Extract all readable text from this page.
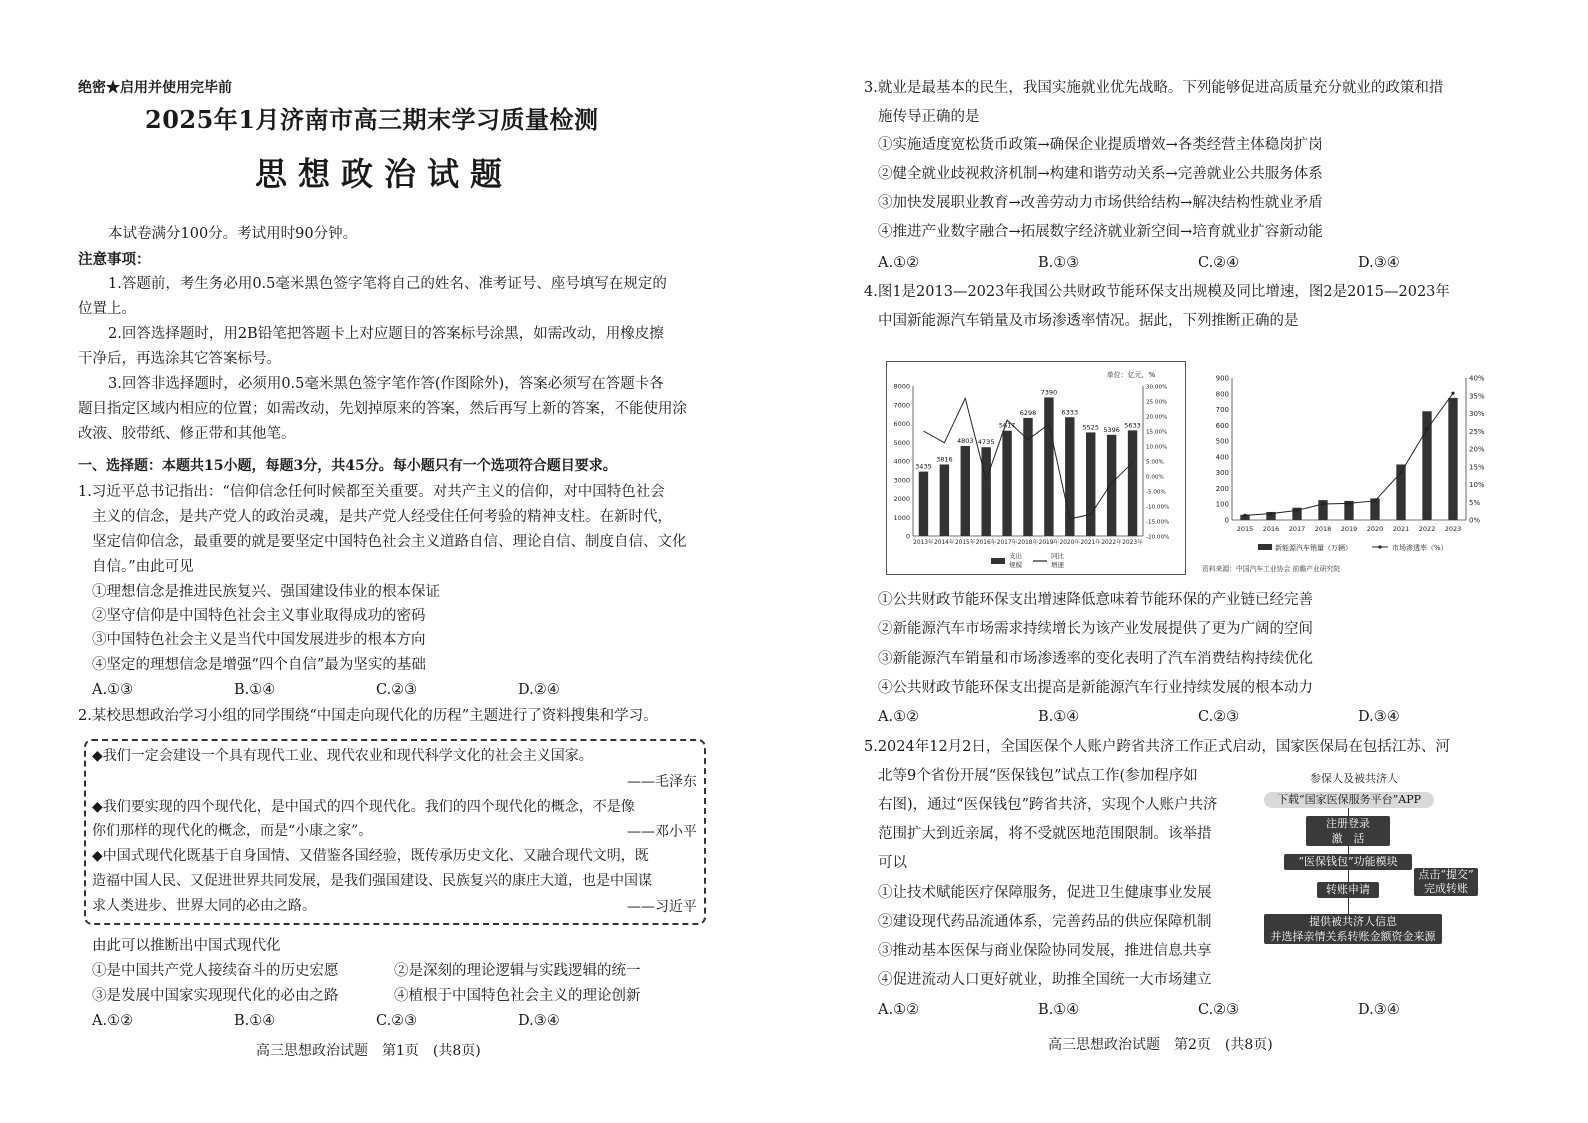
绝密★启用并使用完毕前
2025年1月济南市高三期末学习质量检测
思想政治试题
本试卷满分100分。考试用时90分钟。
注意事项：
1.答题前，考生务必用0.5毫米黑色签字笔将自己的姓名、准考证号、座号填写在规定的
位置上。
2.回答选择题时，用2B铅笔把答题卡上对应题目的答案标号涂黑，如需改动，用橡皮擦
干净后，再选涂其它答案标号。
3.回答非选择题时，必须用0.5毫米黑色签字笔作答(作图除外)，答案必须写在答题卡各
题目指定区域内相应的位置；如需改动，先划掉原来的答案，然后再写上新的答案，不能使用涂
改液、胶带纸、修正带和其他笔。
一、选择题：本题共15小题，每题3分，共45分。每小题只有一个选项符合题目要求。
1.习近平总书记指出：“信仰信念任何时候都至关重要。对共产主义的信仰，对中国特色社会
主义的信念，是共产党人的政治灵魂，是共产党人经受住任何考验的精神支柱。在新时代，
坚定信仰信念，最重要的就是要坚定中国特色社会主义道路自信、理论自信、制度自信、文化
自信。”由此可见
①理想信念是推进民族复兴、强国建设伟业的根本保证
②坚守信仰是中国特色社会主义事业取得成功的密码
③中国特色社会主义是当代中国发展进步的根本方向
④坚定的理想信念是增强“四个自信”最为坚实的基础
A.①③	B.①④	C.②③	D.②④
2.某校思想政治学习小组的同学围绕“中国走向现代化的历程”主题进行了资料搜集和学习。
◆我们一定会建设一个具有现代工业、现代农业和现代科学文化的社会主义国家。
——毛泽东
◆我们要实现的四个现代化，是中国式的四个现代化。我们的四个现代化的概念，不是像
你们那样的现代化的概念，而是“小康之家”。	——邓小平
◆中国式现代化既基于自身国情、又借鉴各国经验，既传承历史文化、又融合现代文明，既
造福中国人民、又促进世界共同发展，是我们强国建设、民族复兴的康庄大道，也是中国谋
求人类进步、世界大同的必由之路。	——习近平
由此可以推断出中国式现代化
①是中国共产党人接续奋斗的历史宏愿	②是深刻的理论逻辑与实践逻辑的统一
③是发展中国家实现现代化的必由之路	④植根于中国特色社会主义的理论创新
A.①②	B.①④	C.②③	D.③④
高三思想政治试题　第1页　(共8页)
3.就业是最基本的民生，我国实施就业优先战略。下列能够促进高质量充分就业的政策和措
施传导正确的是
①实施适度宽松货币政策→确保企业提质增效→各类经营主体稳岗扩岗
②健全就业歧视救济机制→构建和谐劳动关系→完善就业公共服务体系
③加快发展职业教育→改善劳动力市场供给结构→解决结构性就业矛盾
④推进产业数字融合→拓展数字经济就业新空间→培育就业扩容新动能
A.①②	B.①③	C.②④	D.③④
4.图1是2013—2023年我国公共财政节能环保支出规模及同比增速，图2是2015—2023年
中国新能源汽车销量及市场渗透率情况。据此，下列推断正确的是
单位：亿元，%
0
1000
2000
3000
4000
5000
6000
7000
8000
-20.00%
-15.00%
-10.00%
-5.00%
0.00%
5.00%
10.00%
15.00%
20.00%
25.00%
30.00%
3435
2013年
3816
2014年
4803
2015年
4735
2016年
5617
2017年
6298
2018年
7390
2019年
6333
2020年
5525
2021年
5396
2022年
5633
2023年
支出
规模
同比
增速
0
100
200
300
400
500
600
700
800
900
0%
5%
10%
15%
20%
25%
30%
35%
40%
2015 2016 2017 2018 2019 2020 2021 2022 2023
新能源汽车销量（万辆）	市场渗透率（%）
资料来源：中国汽车工业协会 前瞻产业研究院
①公共财政节能环保支出增速降低意味着节能环保的产业链已经完善
②新能源汽车市场需求持续增长为该产业发展提供了更为广阔的空间
③新能源汽车销量和市场渗透率的变化表明了汽车消费结构持续优化
④公共财政节能环保支出提高是新能源汽车行业持续发展的根本动力
A.①②	B.①④	C.②③	D.③④
5.2024年12月2日，全国医保个人账户跨省共济工作正式启动，国家医保局在包括江苏、河
北等9个省份开展“医保钱包”试点工作(参加程序如
右图)，通过“医保钱包”跨省共济，实现个人账户共济
范围扩大到近亲属，将不受就医地范围限制。该举措
可以
①让技术赋能医疗保障服务，促进卫生健康事业发展
②建设现代药品流通体系，完善药品的供应保障机制
③推动基本医保与商业保险协同发展，推进信息共享
④促进流动人口更好就业，助推全国统一大市场建立
A.①②	B.①④	C.②③	D.③④
参保人及被共济人
下载“国家医保服务平台”APP
注册登录
激　活
“医保钱包”功能模块
转账申请
点击“提交”
完成转账
提供被共济人信息
并选择亲情关系转账金额资金来源
高三思想政治试题　第2页　(共8页)
